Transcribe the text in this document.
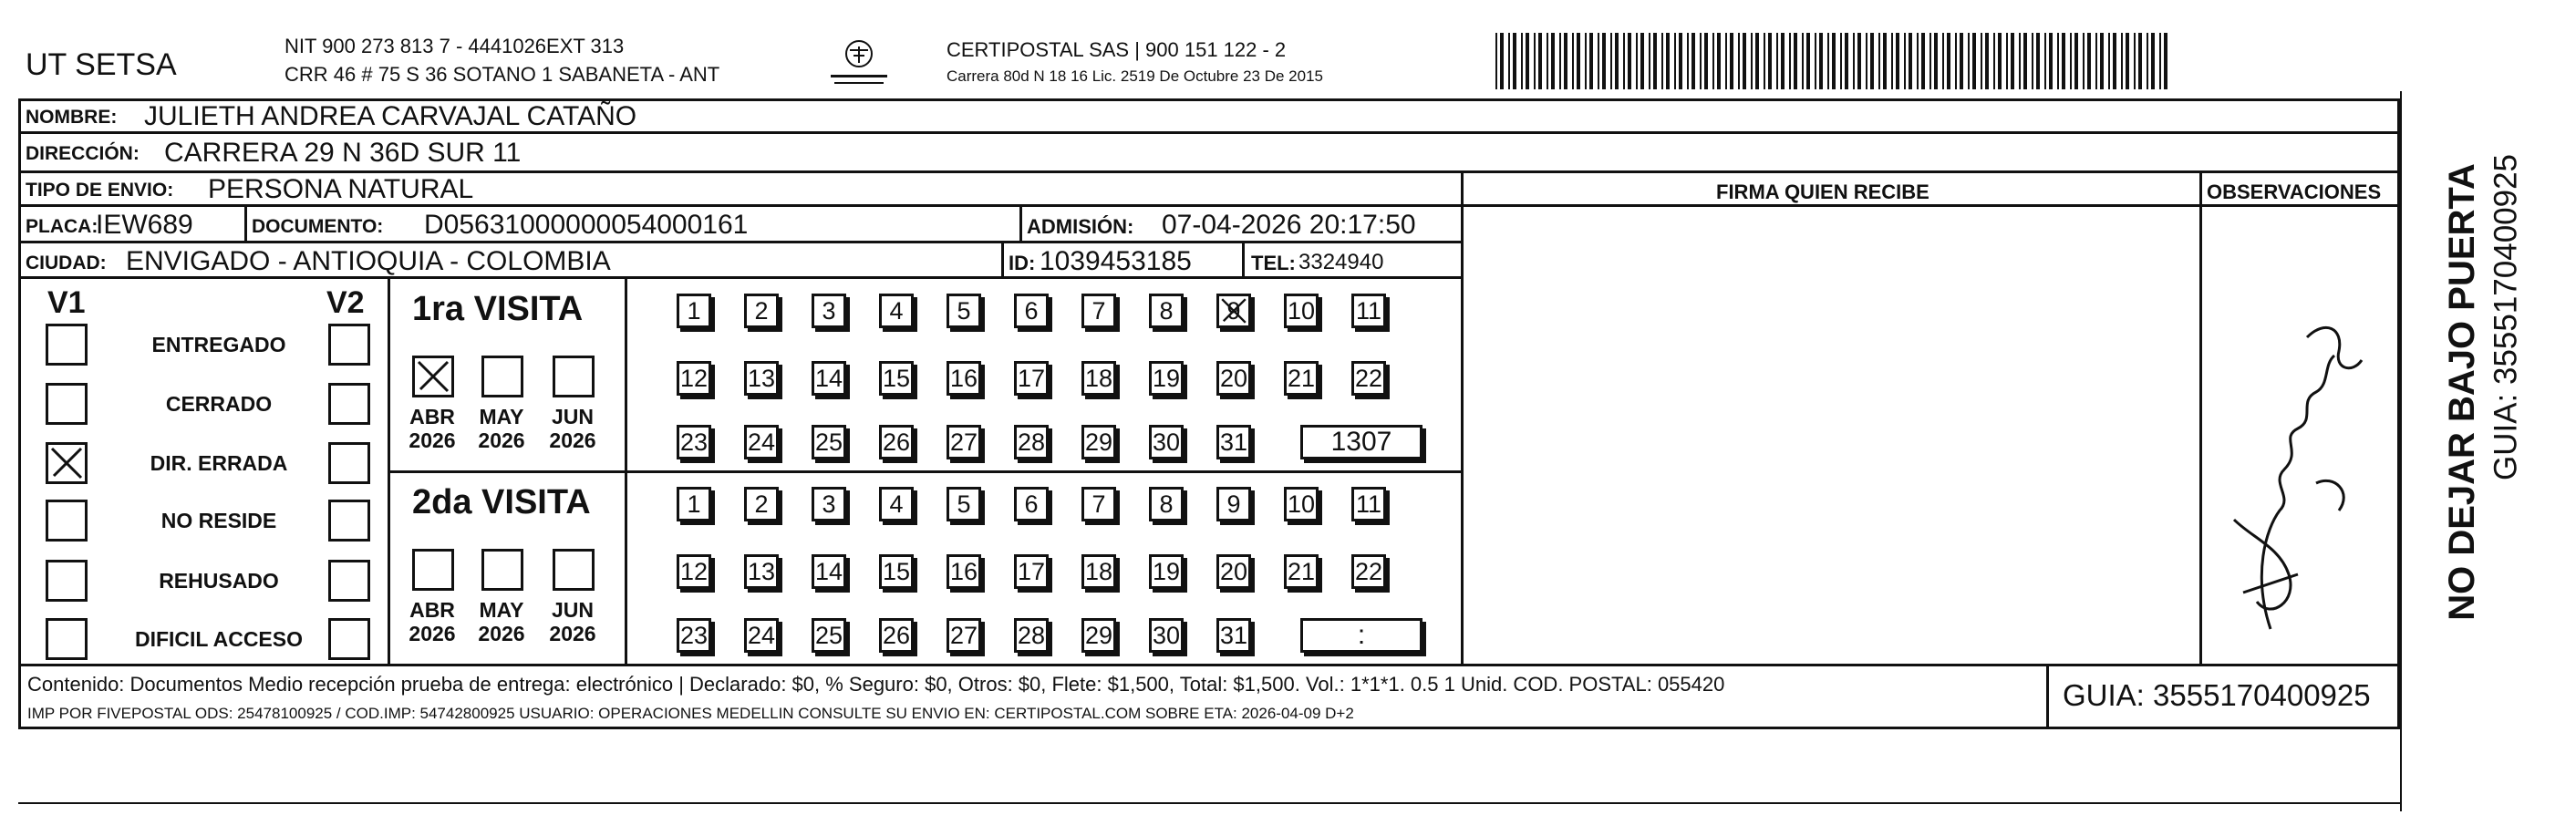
UT SETSA
NIT 900 273 813 7 - 4441026EXT 313
CRR 46 # 75 S 36 SOTANO 1 SABANETA - ANT
CERTIPOSTAL SAS | 900 151 122 - 2
Carrera 80d N 18 16 Lic. 2519 De Octubre 23 De 2015
NOMBRE: JULIETH ANDREA CARVAJAL CATAÑO
DIRECCIÓN: CARRERA 29 N 36D SUR 11
TIPO DE ENVIO: PERSONA NATURAL	FIRMA QUIEN RECIBE	OBSERVACIONES
PLACA:
IEW689	DOCUMENTO: D05631000000054000161	ADMISIÓN: 07-04-2026 20:17:50
CIUDAD: ENVIGADO - ANTIOQUIA - COLOMBIA	ID: 1039453185	TEL: 3324940
V1	V2
ENTREGADO
CERRADO
DIR. ERRADA
NO RESIDE
REHUSADO
DIFICIL ACCESO
1ra VISITA
ABR
2026
MAY
2026
JUN
2026
1 2 3 4 5 6 7 8 9 10 11
12 13 14 15 16 17 18 19 20 21 22
23 24 25 26 27 28 29 30 31	1307
2da VISITA
ABR
2026
MAY
2026
JUN
2026
1 2 3 4 5 6 7 8 9 10 11
12 13 14 15 16 17 18 19 20 21 22
23 24 25 26 27 28 29 30 31	:
Contenido: Documentos Medio recepción prueba de entrega: electrónico | Declarado: $0, % Seguro: $0, Otros: $0, Flete: $1,500, Total: $1,500. Vol.: 1*1*1. 0.5 1 Unid. COD. POSTAL: 055420
IMP POR FIVEPOSTAL ODS: 25478100925 / COD.IMP: 54742800925 USUARIO: OPERACIONES MEDELLIN CONSULTE SU ENVIO EN: CERTIPOSTAL.COM SOBRE ETA: 2026-04-09 D+2
GUIA: 3555170400925
NO DEJAR BAJO PUERTA GUIA: 3555170400925
